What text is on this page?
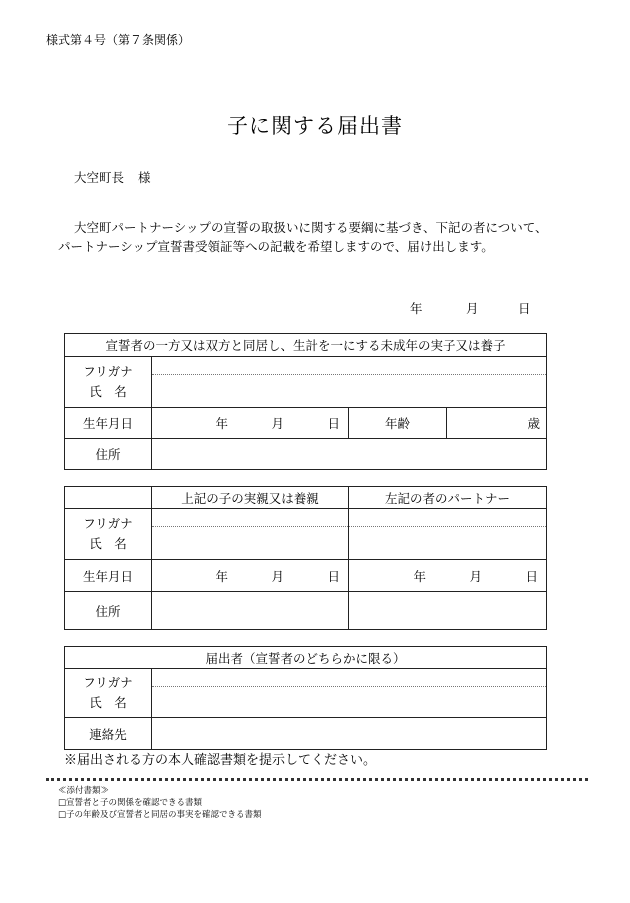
様式第４号（第７条関係）
子に関する届出書
大空町長 様
大空町パートナーシップの宣誓の取扱いに関する要綱に基づき、下記の者について、
パートナーシップ宣誓書受領証等への記載を希望しますので、届け出します。
年	月	日
宣誓者の一方又は双方と同居し、生計を一にする未成年の実子又は養子			

フリガナ
氏　名			

生年月日	年 月 日	年齢	歳
住所			
	上記の子の実親又は養親	左記の者のパートナー

フリガナ
氏　名		

生年月日	年 月 日	年 月 日

住所		
届出者（宣誓者のどちらかに限る）	

フリガナ
氏　名	

連絡先	
※届出される方の本人確認書類を提示してください。
≪添付書類≫
□宣誓者と子の関係を確認できる書類
□子の年齢及び宣誓者と同居の事実を確認できる書類
